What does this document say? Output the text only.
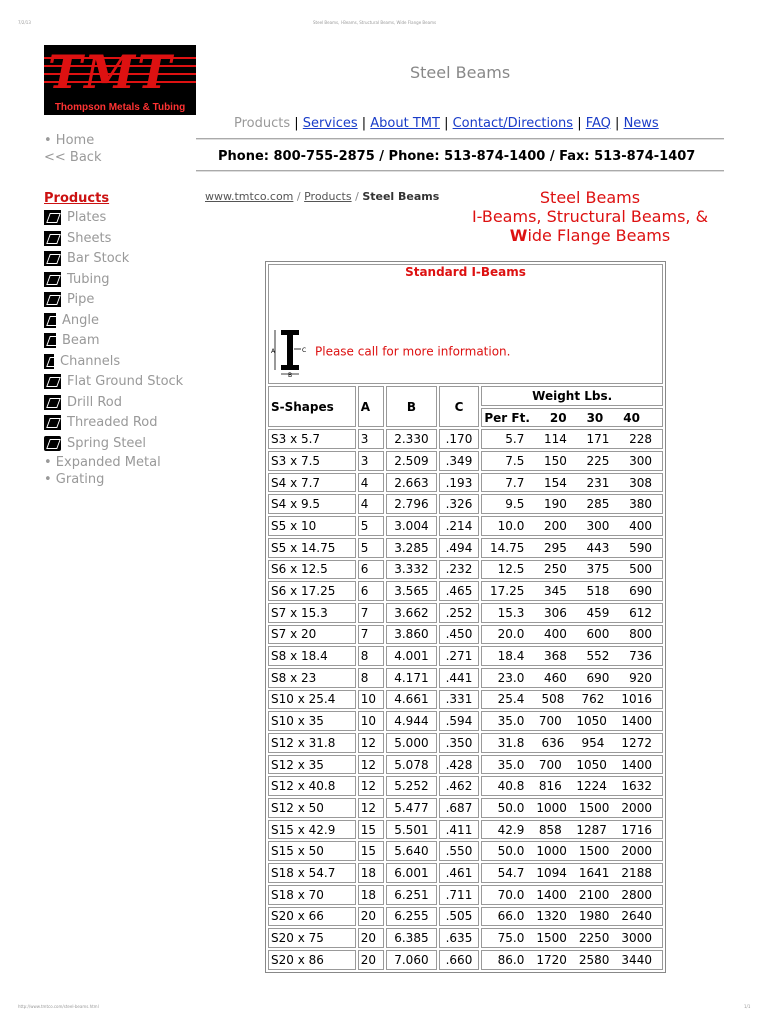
7/2/13	Steel Beams, I-Beams, Structural Beams, Wide Flange Beams
TMT
Thompson Metals & Tubing
Steel Beams
Products | Services | About TMT | Contact/Directions | FAQ | News
Phone: 800-755-2875 / Phone: 513-874-1400 / Fax: 513-874-1407
• Home
<< Back
Products
Plates
Sheets
Bar Stock
Tubing
Pipe
Angle
Beam
Channels
Flat Ground Stock
Drill Rod
Threaded Rod
Spring Steel
• Expanded Metal
• Grating
www.tmtco.com / Products / Steel Beams	Steel Beams
I-Beams, Structural Beams, &
Wide Flange Beams
Standard I-Beams
A
B
C Please call for more information.				

S-Shapes	A	B	C	Weight Lbs.

				Per Ft. 20 30 40

S3 x 5.7	3	2.330	.170	5.7 114 171 228

S3 x 7.5	3	2.509	.349	7.5 150 225 300

S4 x 7.7	4	2.663	.193	7.7 154 231 308

S4 x 9.5	4	2.796	.326	9.5 190 285 380

S5 x 10	5	3.004	.214	10.0 200 300 400

S5 x 14.75	5	3.285	.494	14.75 295 443 590

S6 x 12.5	6	3.332	.232	12.5 250 375 500

S6 x 17.25	6	3.565	.465	17.25 345 518 690

S7 x 15.3	7	3.662	.252	15.3 306 459 612

S7 x 20	7	3.860	.450	20.0 400 600 800

S8 x 18.4	8	4.001	.271	18.4 368 552 736

S8 x 23	8	4.171	.441	23.0 460 690 920

S10 x 25.4	10	4.661	.331	25.4 508 762 1016

S10 x 35	10	4.944	.594	35.0 700 1050 1400

S12 x 31.8	12	5.000	.350	31.8 636 954 1272

S12 x 35	12	5.078	.428	35.0 700 1050 1400

S12 x 40.8	12	5.252	.462	40.8 816 1224 1632

S12 x 50	12	5.477	.687	50.0 1000 1500 2000

S15 x 42.9	15	5.501	.411	42.9 858 1287 1716

S15 x 50	15	5.640	.550	50.0 1000 1500 2000

S18 x 54.7	18	6.001	.461	54.7 1094 1641 2188

S18 x 70	18	6.251	.711	70.0 1400 2100 2800

S20 x 66	20	6.255	.505	66.0 1320 1980 2640

S20 x 75	20	6.385	.635	75.0 1500 2250 3000

S20 x 86	20	7.060	.660	86.0 1720 2580 3440
http://www.tmtco.com/steel-beams.html	1/1
